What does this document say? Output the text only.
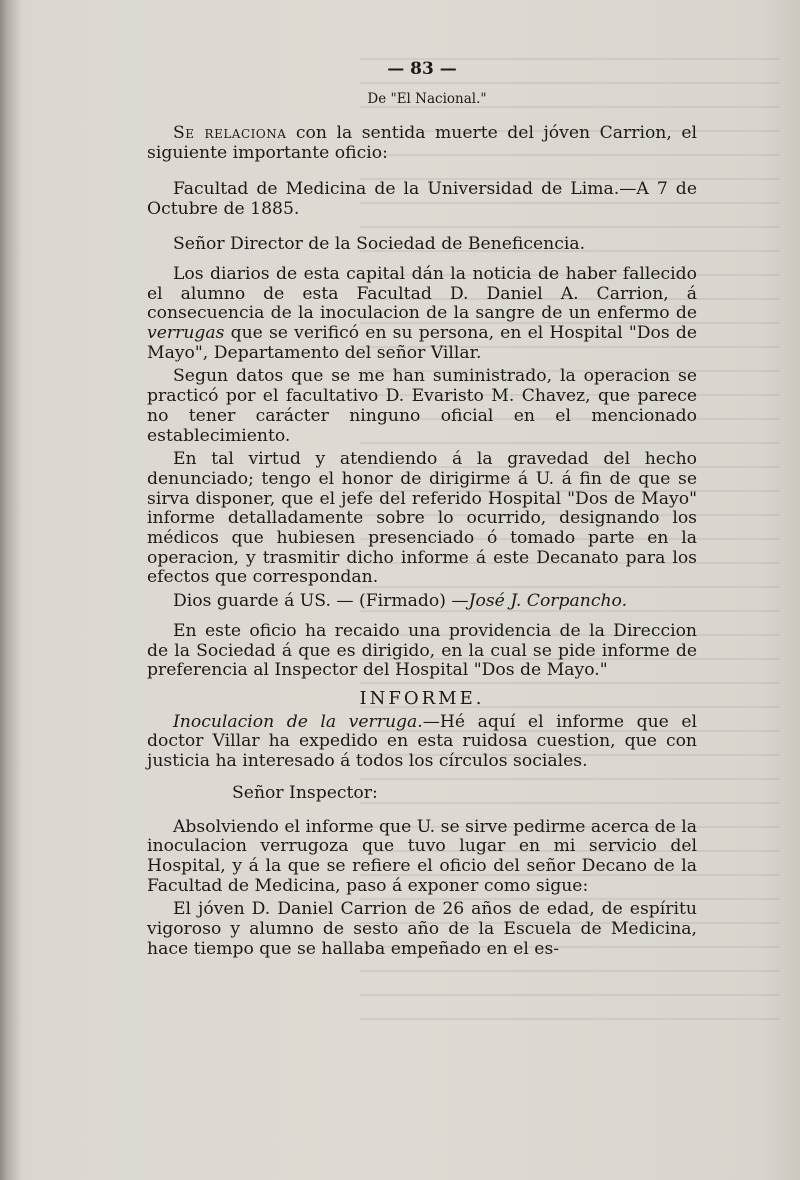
— 83 —
De "El Nacional."

Se relaciona con la sentida muerte del jóven Carrion, el siguiente importante oficio:

Facultad de Medicina de la Universidad de Lima.—A 7 de Octubre de 1885.

Señor Director de la Sociedad de Beneficencia.

Los diarios de esta capital dán la noticia de haber fallecido el alumno de esta Facultad D. Daniel A. Carrion, á consecuencia de la inoculacion de la sangre de un enfermo de verrugas que se verificó en su persona, en el Hospital "Dos de Mayo", Departamento del señor Villar.

Segun datos que se me han suministrado, la operacion se practicó por el facultativo D. Evaristo M. Chavez, que parece no tener carácter ninguno oficial en el mencionado establecimiento.

En tal virtud y atendiendo á la gravedad del hecho denunciado; tengo el honor de dirigirme á U. á fin de que se sirva disponer, que el jefe del referido Hospital "Dos de Mayo" informe detalladamente sobre lo ocurrido, designando los médicos que hubiesen presenciado ó tomado parte en la operacion, y trasmitir dicho informe á este Decanato para los efectos que correspondan.

Dios guarde á US. — (Firmado) —José J. Corpancho.

En este oficio ha recaido una providencia de la Direccion de la Sociedad á que es dirigido, en la cual se pide informe de preferencia al Inspector del Hospital "Dos de Mayo."

INFORME.

Inoculacion de la verruga.—Hé aquí el informe que el doctor Villar ha expedido en esta ruidosa cuestion, que con justicia ha interesado á todos los círculos sociales.

Señor Inspector:

Absolviendo el informe que U. se sirve pedirme acerca de la inoculacion verrugoza que tuvo lugar en mi servicio del Hospital, y á la que se refiere el oficio del señor Decano de la Facultad de Medicina, paso á exponer como sigue:

El jóven D. Daniel Carrion de 26 años de edad, de espíritu vigoroso y alumno de sesto año de la Escuela de Medicina, hace tiempo que se hallaba empeñado en el es-
